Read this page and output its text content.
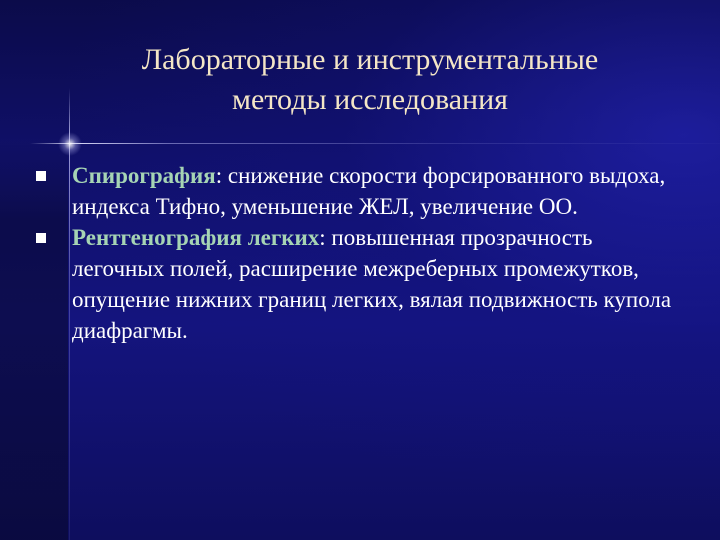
Лабораторные и инструментальные
методы исследования
Спирография: снижение скорости форсированного выдоха, индекса Тифно, уменьшение ЖЕЛ, увеличение ОО.
Рентгенография легких: повышенная прозрачность легочных полей, расширение межреберных промежутков, опущение нижних границ легких, вялая подвижность купола диафрагмы.
